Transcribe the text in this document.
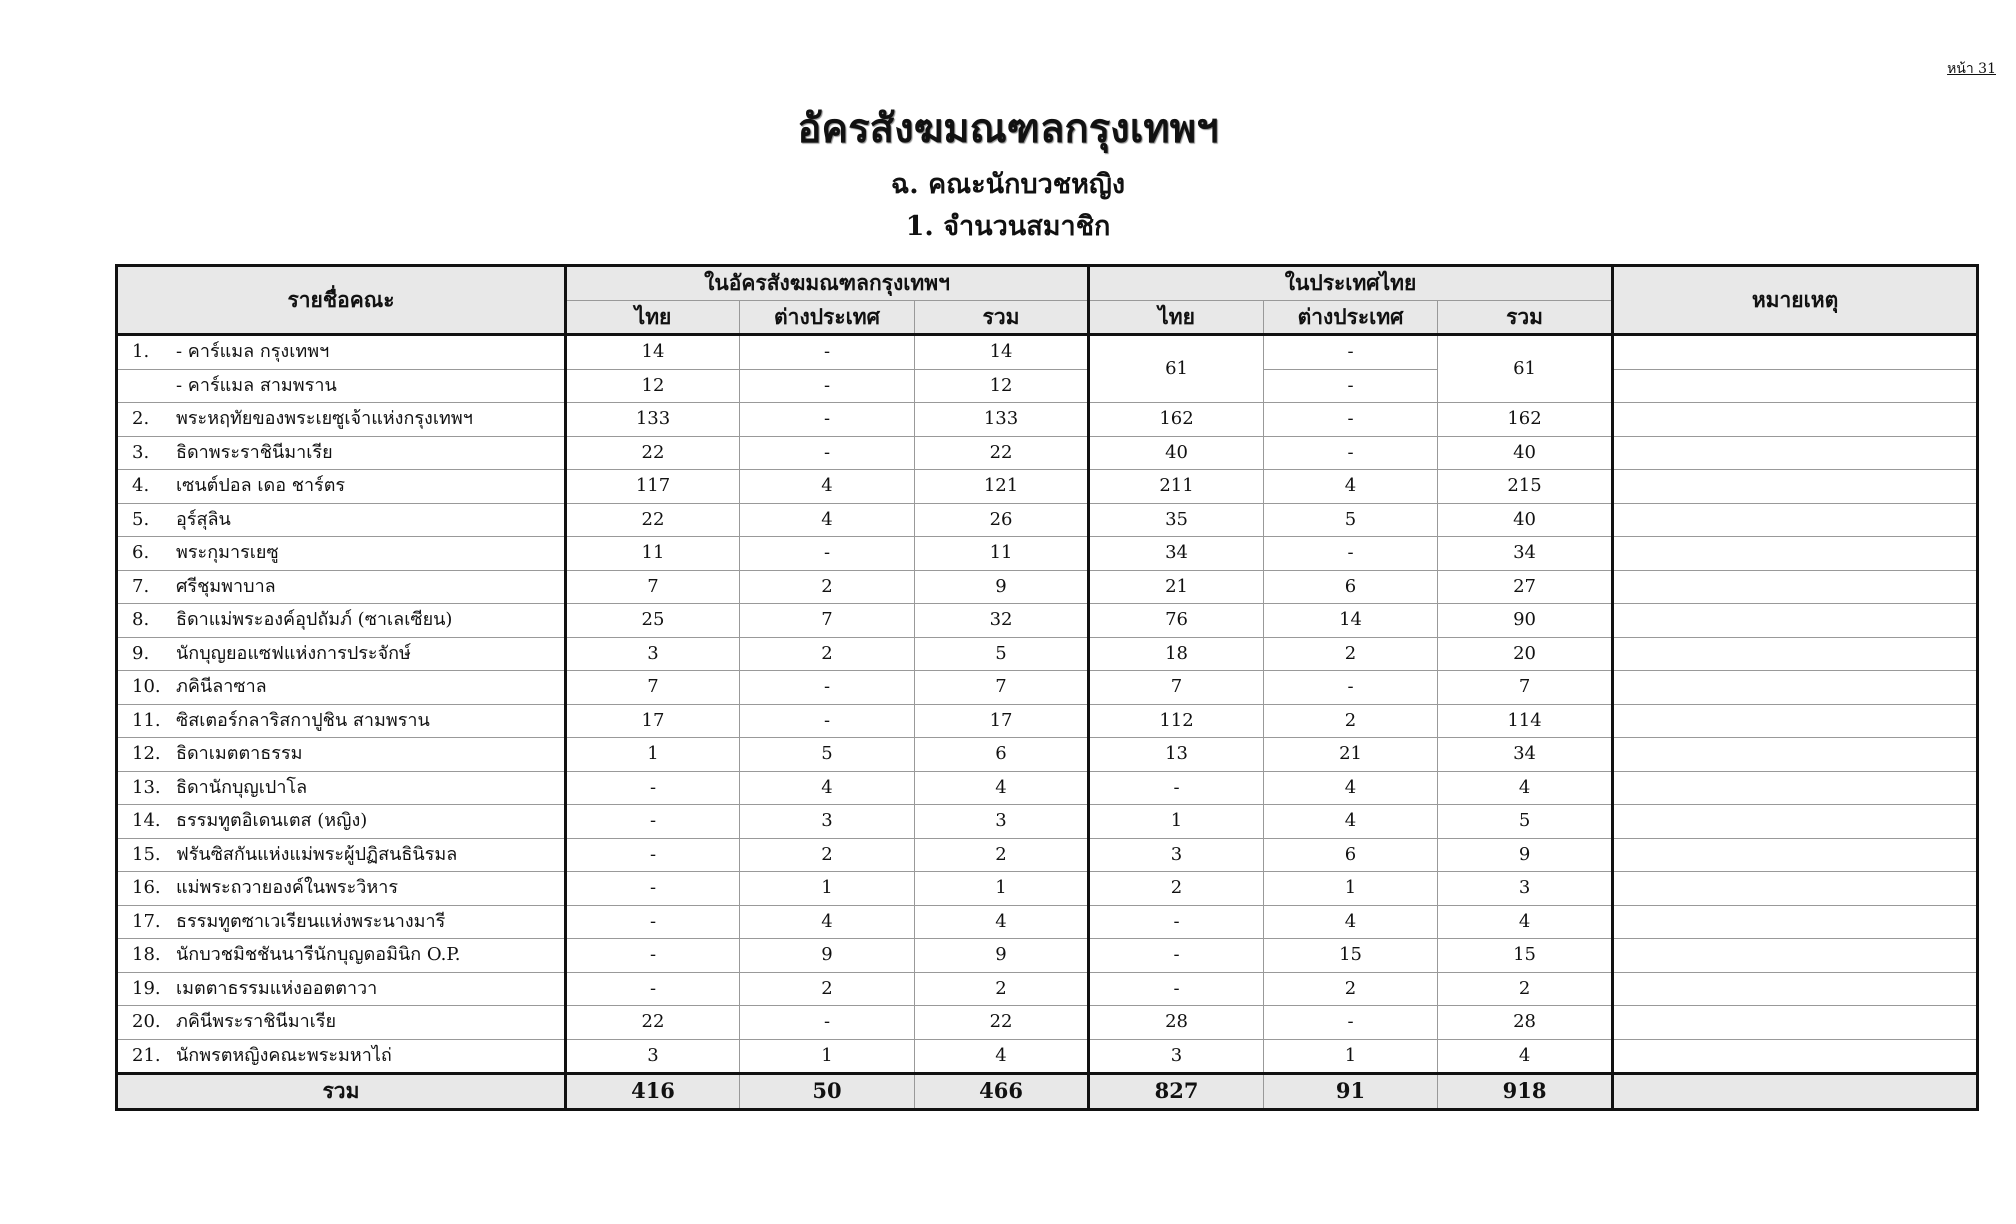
หน้า 31
อัครสังฆมณฑลกรุงเทพฯ
ฉ. คณะนักบวชหญิง
1. จำนวนสมาชิก
รายชื่อคณะ	ในอัครสังฆมณฑลกรุงเทพฯ			ในประเทศไทย			หมายเหตุ
	ไทย	ต่างประเทศ	รวม	ไทย	ต่างประเทศ	รวม	
1. - คาร์แมล กรุงเทพฯ	14	-	14	61	-	61	
- คาร์แมล สามพราน	12	-	12		-		
2. พระหฤทัยของพระเยซูเจ้าแห่งกรุงเทพฯ	133	-	133	162	-	162	
3. ธิดาพระราชินีมาเรีย	22	-	22	40	-	40	
4. เซนต์ปอล เดอ ชาร์ตร	117	4	121	211	4	215	
5. อุร์สุลิน	22	4	26	35	5	40	
6. พระกุมารเยซู	11	-	11	34	-	34	
7. ศรีชุมพาบาล	7	2	9	21	6	27	
8. ธิดาแม่พระองค์อุปถัมภ์ (ซาเลเซียน)	25	7	32	76	14	90	
9. นักบุญยอแซฟแห่งการประจักษ์	3	2	5	18	2	20	
10. ภคินีลาซาล	7	-	7	7	-	7	
11. ซิสเตอร์กลาริสกาปูชิน สามพราน	17	-	17	112	2	114	
12. ธิดาเมตตาธรรม	1	5	6	13	21	34	
13. ธิดานักบุญเปาโล	-	4	4	-	4	4	
14. ธรรมทูตอิเดนเตส (หญิง)	-	3	3	1	4	5	
15. ฟรันซิสกันแห่งแม่พระผู้ปฏิสนธินิรมล	-	2	2	3	6	9	
16. แม่พระถวายองค์ในพระวิหาร	-	1	1	2	1	3	
17. ธรรมทูตซาเวเรียนแห่งพระนางมารี	-	4	4	-	4	4	
18. นักบวชมิชชันนารีนักบุญดอมินิก O.P.	-	9	9	-	15	15	
19. เมตตาธรรมแห่งออตตาวา	-	2	2	-	2	2	
20. ภคินีพระราชินีมาเรีย	22	-	22	28	-	28	
21. นักพรตหญิงคณะพระมหาไถ่	3	1	4	3	1	4	
รวม	416	50	466	827	91	918	
